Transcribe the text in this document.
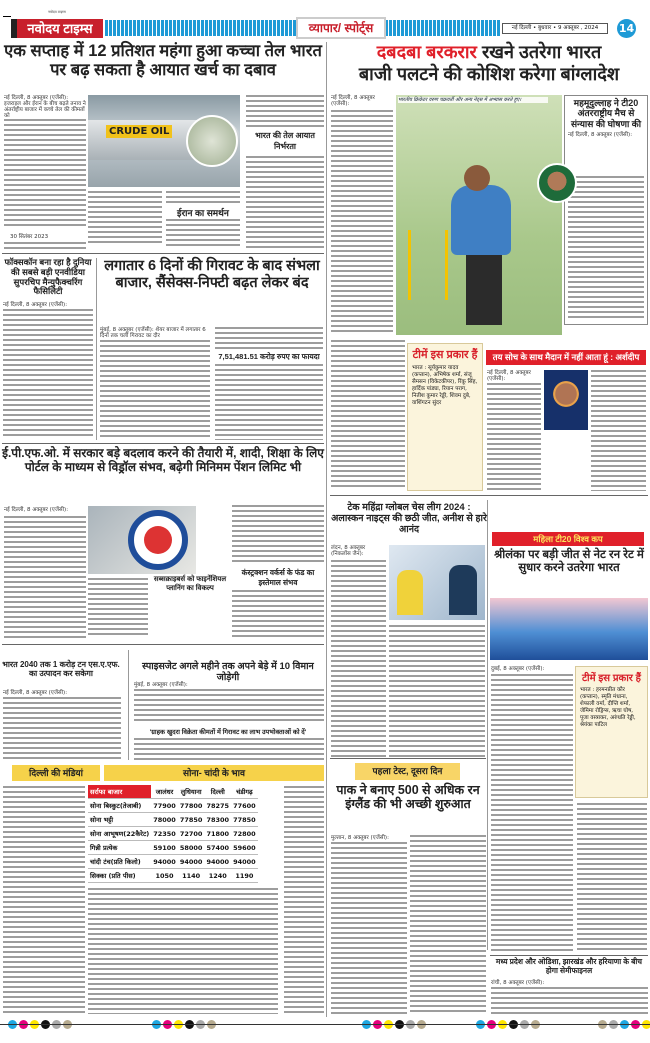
नवोदय टाइम्स
नवोदय टाइम्स	व्यापार/ स्पोर्ट्स	नई दिल्ली • बुधवार • 9 अक्तूबर , 2024	14
एक सप्ताह में 12 प्रतिशत महंगा हुआ कच्चा तेल भारत पर बढ़ सकता है आयात खर्च का दबाव
नई दिल्ली, 8 अक्तूबर (एजेंसी): इजराइल और ईरान के बीच बढ़ते तनाव ने अंतर्राष्ट्रीय बाजार में कच्चे तेल की कीमतों को
30 सितंबर 2023
CRUDE OIL
ईरान का समर्थन
भारत की तेल आयात निर्भरता
फॉक्सकॉन बना रहा है दुनिया की सबसे बड़ी एनवीडिया सुपरचिप मैन्युफैक्चरिंग फैसिलिटी
नई दिल्ली, 8 अक्तूबर (एजेंसी):
लगातार 6 दिनों की गिरावट के बाद संभला बाजार, सैंसेक्स-निफ्टी बढ़त लेकर बंद
मुंबई, 8 अक्तूबर (एजेंसी): शेयर बाजार में लगातार 6 दिनों तक चली गिरावट का दौर
7,51,481.51 करोड़ रुपए का फायदा
ई.पी.एफ.ओ. में सरकार बड़े बदलाव करने की तैयारी में, शादी, शिक्षा के लिए पोर्टल के माध्यम से विड्रॉल संभव, बढ़ेगी मिनिमम पेंशन लिमिट भी
नई दिल्ली, 8 अक्तूबर (एजेंसी):
सब्सक्राइबर्स को फाइनेंशियल प्लानिंग का विकल्प
कंस्ट्रक्शन वर्कर्स के फंड का इस्तेमाल संभव
भारत 2040 तक 1 करोड़ टन एस.ए.एफ. का उत्पादन कर सकेगा
नई दिल्ली, 8 अक्तूबर (एजेंसी):
स्पाइसजेट अगले महीने तक अपने बेड़े में 10 विमान जोड़ेगी
मुंबई, 8 अक्तूबर (एजेंसी):
'ग्राहक खुदरा विक्रेता कीमतों में गिरावट का लाभ उपभोक्ताओं को दें'
दिल्ली की मंडियां	सोना- चांदी के भाव
सर्राफा बाजार	जालंधर	लुधियाना	दिल्ली	चंडीगढ़
सोना बिस्कुट(तेजाबी)	77900	77800	78275	77600
सोना भट्टी	78000	77850	78300	77850
सोना आभूषण(22कैरेट)	72350	72700	71800	72800
गिन्नी प्रत्येक	59100	58000	57400	59600
चांदी टंच(प्रति किलो)	94000	94000	94000	94000
सिक्का (प्रति पीस)	1050	1140	1240	1190
दबदबा बरकरार रखने उतरेगा भारत
बाजी पलटने की कोशिश करेगा बांग्लादेश
नई दिल्ली, 8 अक्तूबर (एजेंसी):
भारतीय क्रिकेटर वरुण चक्रवर्ती और अन्य नेट्स में अभ्यास करते हुए।	महमूदुल्लाह ने टी20 अंतरराष्ट्रीय मैच से संन्यास की घोषणा की
नई दिल्ली, 8 अक्तूबर (एजेंसी):
टीमें इस प्रकार हैं
भारत : सूर्यकुमार यादव (कप्तान), अभिषेक शर्मा, संजू सैमसन (विकेटकीपर), रिंकू सिंह, हार्दिक पांड्या, रियान पराग, नितीश कुमार रेड्डी, शिवम दुबे, वाशिंगटन सुंदर
तय सोच के साथ मैदान में नहीं आता हूं : अर्शदीप
नई दिल्ली, 8 अक्तूबर (एजेंसी):
टेक महिंद्रा ग्लोबल चेस लीग 2024 : अलास्कन नाइट्स की छठी जीत, अनीश से हारे आनंद
लंदन, 8 अक्तूबर (निकलोंस जैन):
महिला टी20 विश्व कप
श्रीलंका पर बड़ी जीत से नेट रन रेट में सुधार करने उतरेगा भारत
दुबई, 8 अक्तूबर (एजेंसी):
टीमें इस प्रकार हैं
भारत : हरमनप्रीत कौर (कप्तान), स्मृति मंधाना, शेफाली वर्मा, दीप्ति शर्मा, जेमिमा रोड्रिग्स, ऋचा घोष, पूजा वस्त्राकर, अरुंधति रेड्डी, श्रेयंका पाटिल
पहला टेस्ट, दूसरा दिन
पाक ने बनाए 500 से अधिक रन इंग्लैंड की भी अच्छी शुरुआत
मुल्तान, 8 अक्तूबर (एजेंसी):
मध्य प्रदेश और ओडिशा, झारखंड और हरियाणा के बीच होगा सेमीफाइनल
रांची, 8 अक्तूबर (एजेंसी):
